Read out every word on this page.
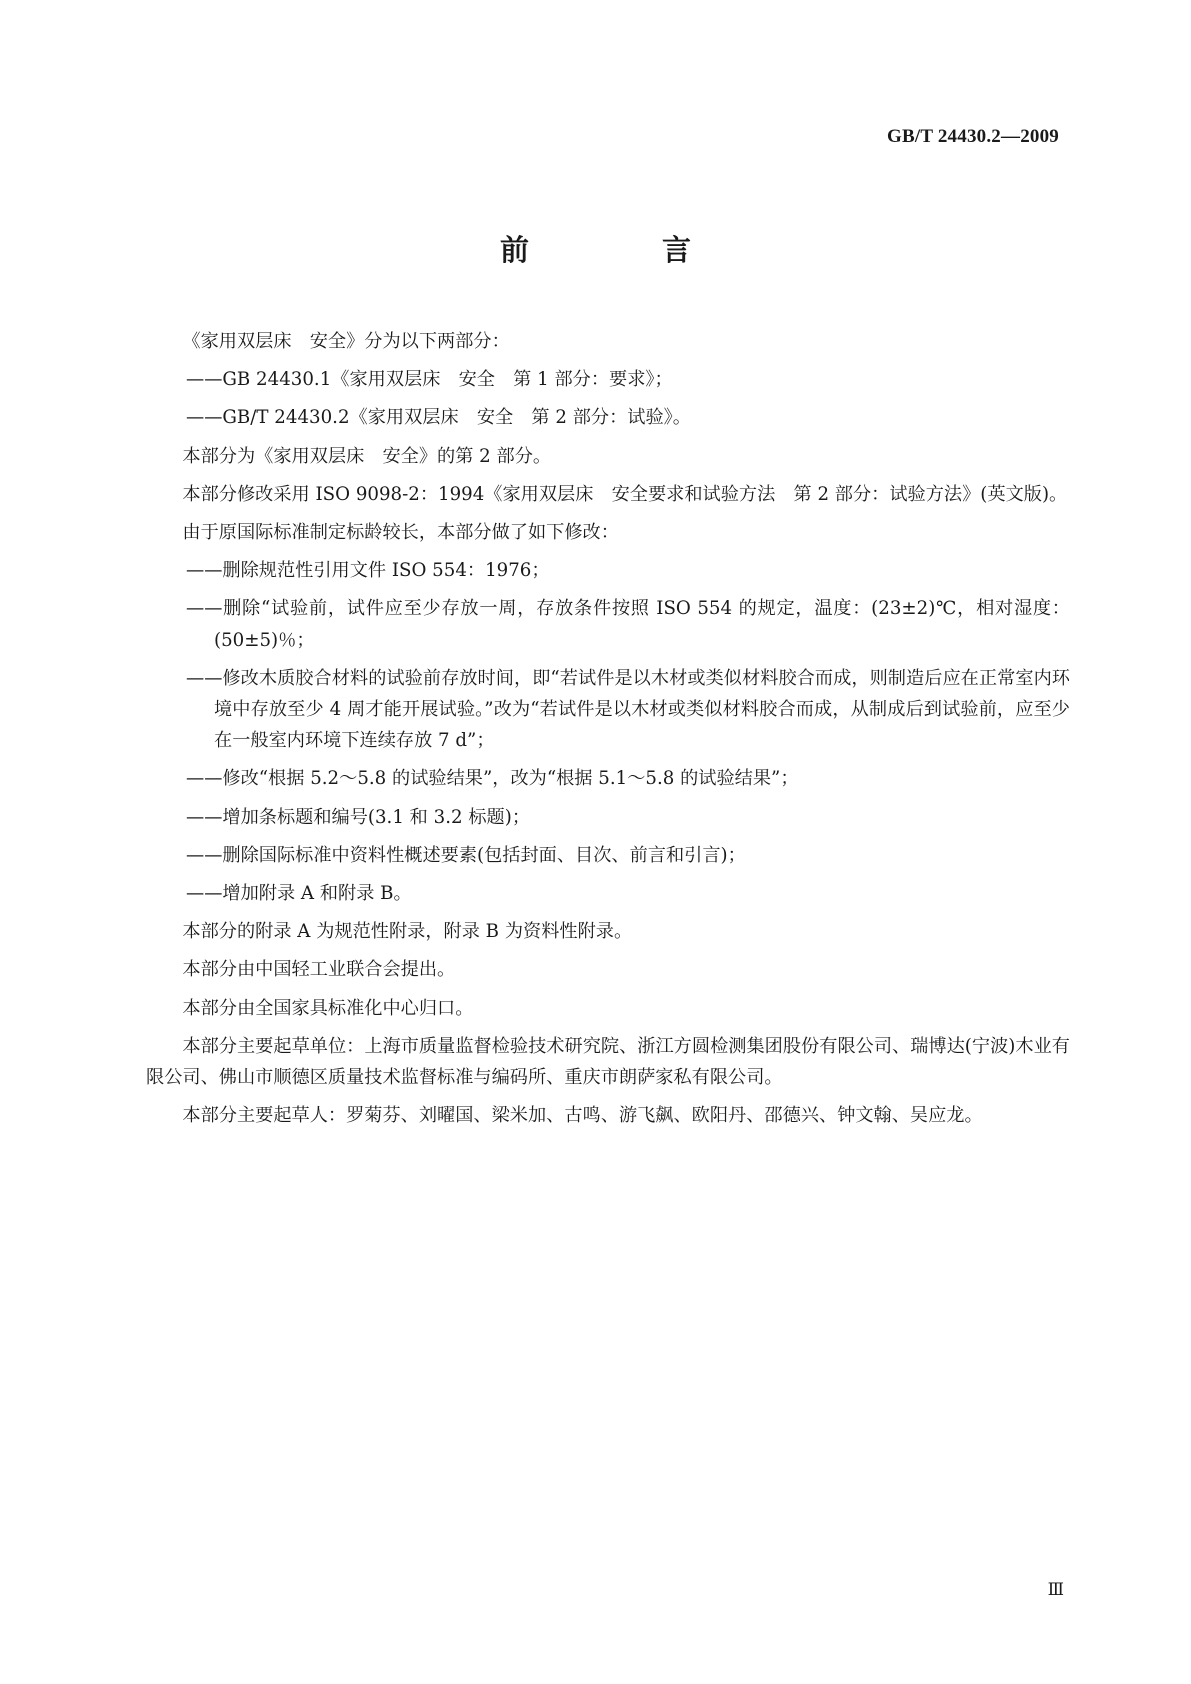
GB/T 24430.2—2009
前　言

《家用双层床　安全》分为以下两部分：

——GB 24430.1《家用双层床　安全　第 1 部分：要求》；

——GB/T 24430.2《家用双层床　安全　第 2 部分：试验》。

本部分为《家用双层床　安全》的第 2 部分。

本部分修改采用 ISO 9098-2：1994《家用双层床　安全要求和试验方法　第 2 部分：试验方法》(英文版)。

由于原国际标准制定标龄较长，本部分做了如下修改：

——删除规范性引用文件 ISO 554：1976；

——删除“试验前，试件应至少存放一周，存放条件按照 ISO 554 的规定，温度：(23±2)℃，相对湿度：(50±5)％；

——修改木质胶合材料的试验前存放时间，即“若试件是以木材或类似材料胶合而成，则制造后应在正常室内环境中存放至少 4 周才能开展试验。”改为“若试件是以木材或类似材料胶合而成，从制成后到试验前，应至少在一般室内环境下连续存放 7 d”；

——修改“根据 5.2～5.8 的试验结果”，改为“根据 5.1～5.8 的试验结果”；

——增加条标题和编号(3.1 和 3.2 标题)；

——删除国际标准中资料性概述要素(包括封面、目次、前言和引言)；

——增加附录 A 和附录 B。

本部分的附录 A 为规范性附录，附录 B 为资料性附录。

本部分由中国轻工业联合会提出。

本部分由全国家具标准化中心归口。

本部分主要起草单位：上海市质量监督检验技术研究院、浙江方圆检测集团股份有限公司、瑞博达(宁波)木业有限公司、佛山市顺德区质量技术监督标准与编码所、重庆市朗萨家私有限公司。

本部分主要起草人：罗菊芬、刘曜国、梁米加、古鸣、游飞飙、欧阳丹、邵德兴、钟文翰、吴应龙。

Ⅲ
